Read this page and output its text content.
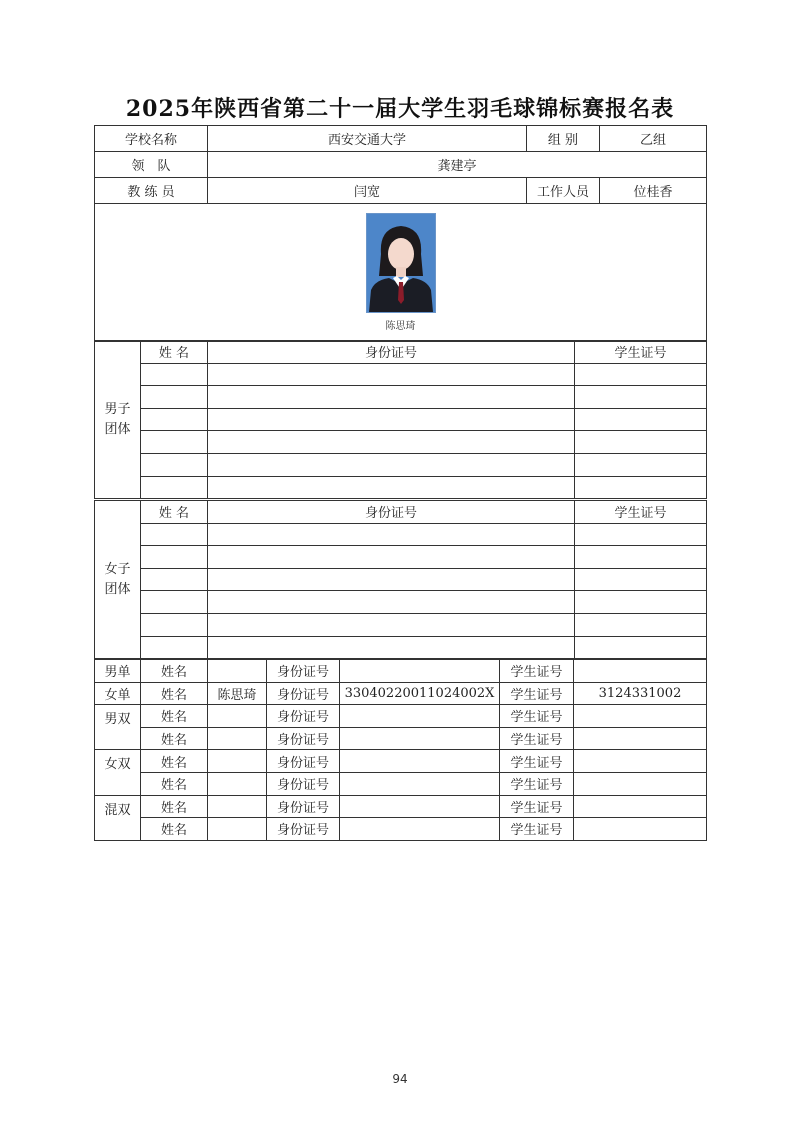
2025年陕西省第二十一届大学生羽毛球锦标赛报名表
学校名称	西安交通大学	组 别	乙组
领　队	龚建亭		
教 练 员	闫宽	工作人员	位桂香

陈思琦			
男子
团体	姓 名	身份证号	学生证号

女子
团体	姓 名	身份证号	学生证号

男单	姓名		身份证号		学生证号	
女单	姓名	陈思琦	身份证号	33040220011024002X	学生证号	3124331002
男双	姓名		身份证号		学生证号	
	姓名		身份证号		学生证号	
女双	姓名		身份证号		学生证号	
	姓名		身份证号		学生证号	
混双	姓名		身份证号		学生证号	
	姓名		身份证号		学生证号	
94
